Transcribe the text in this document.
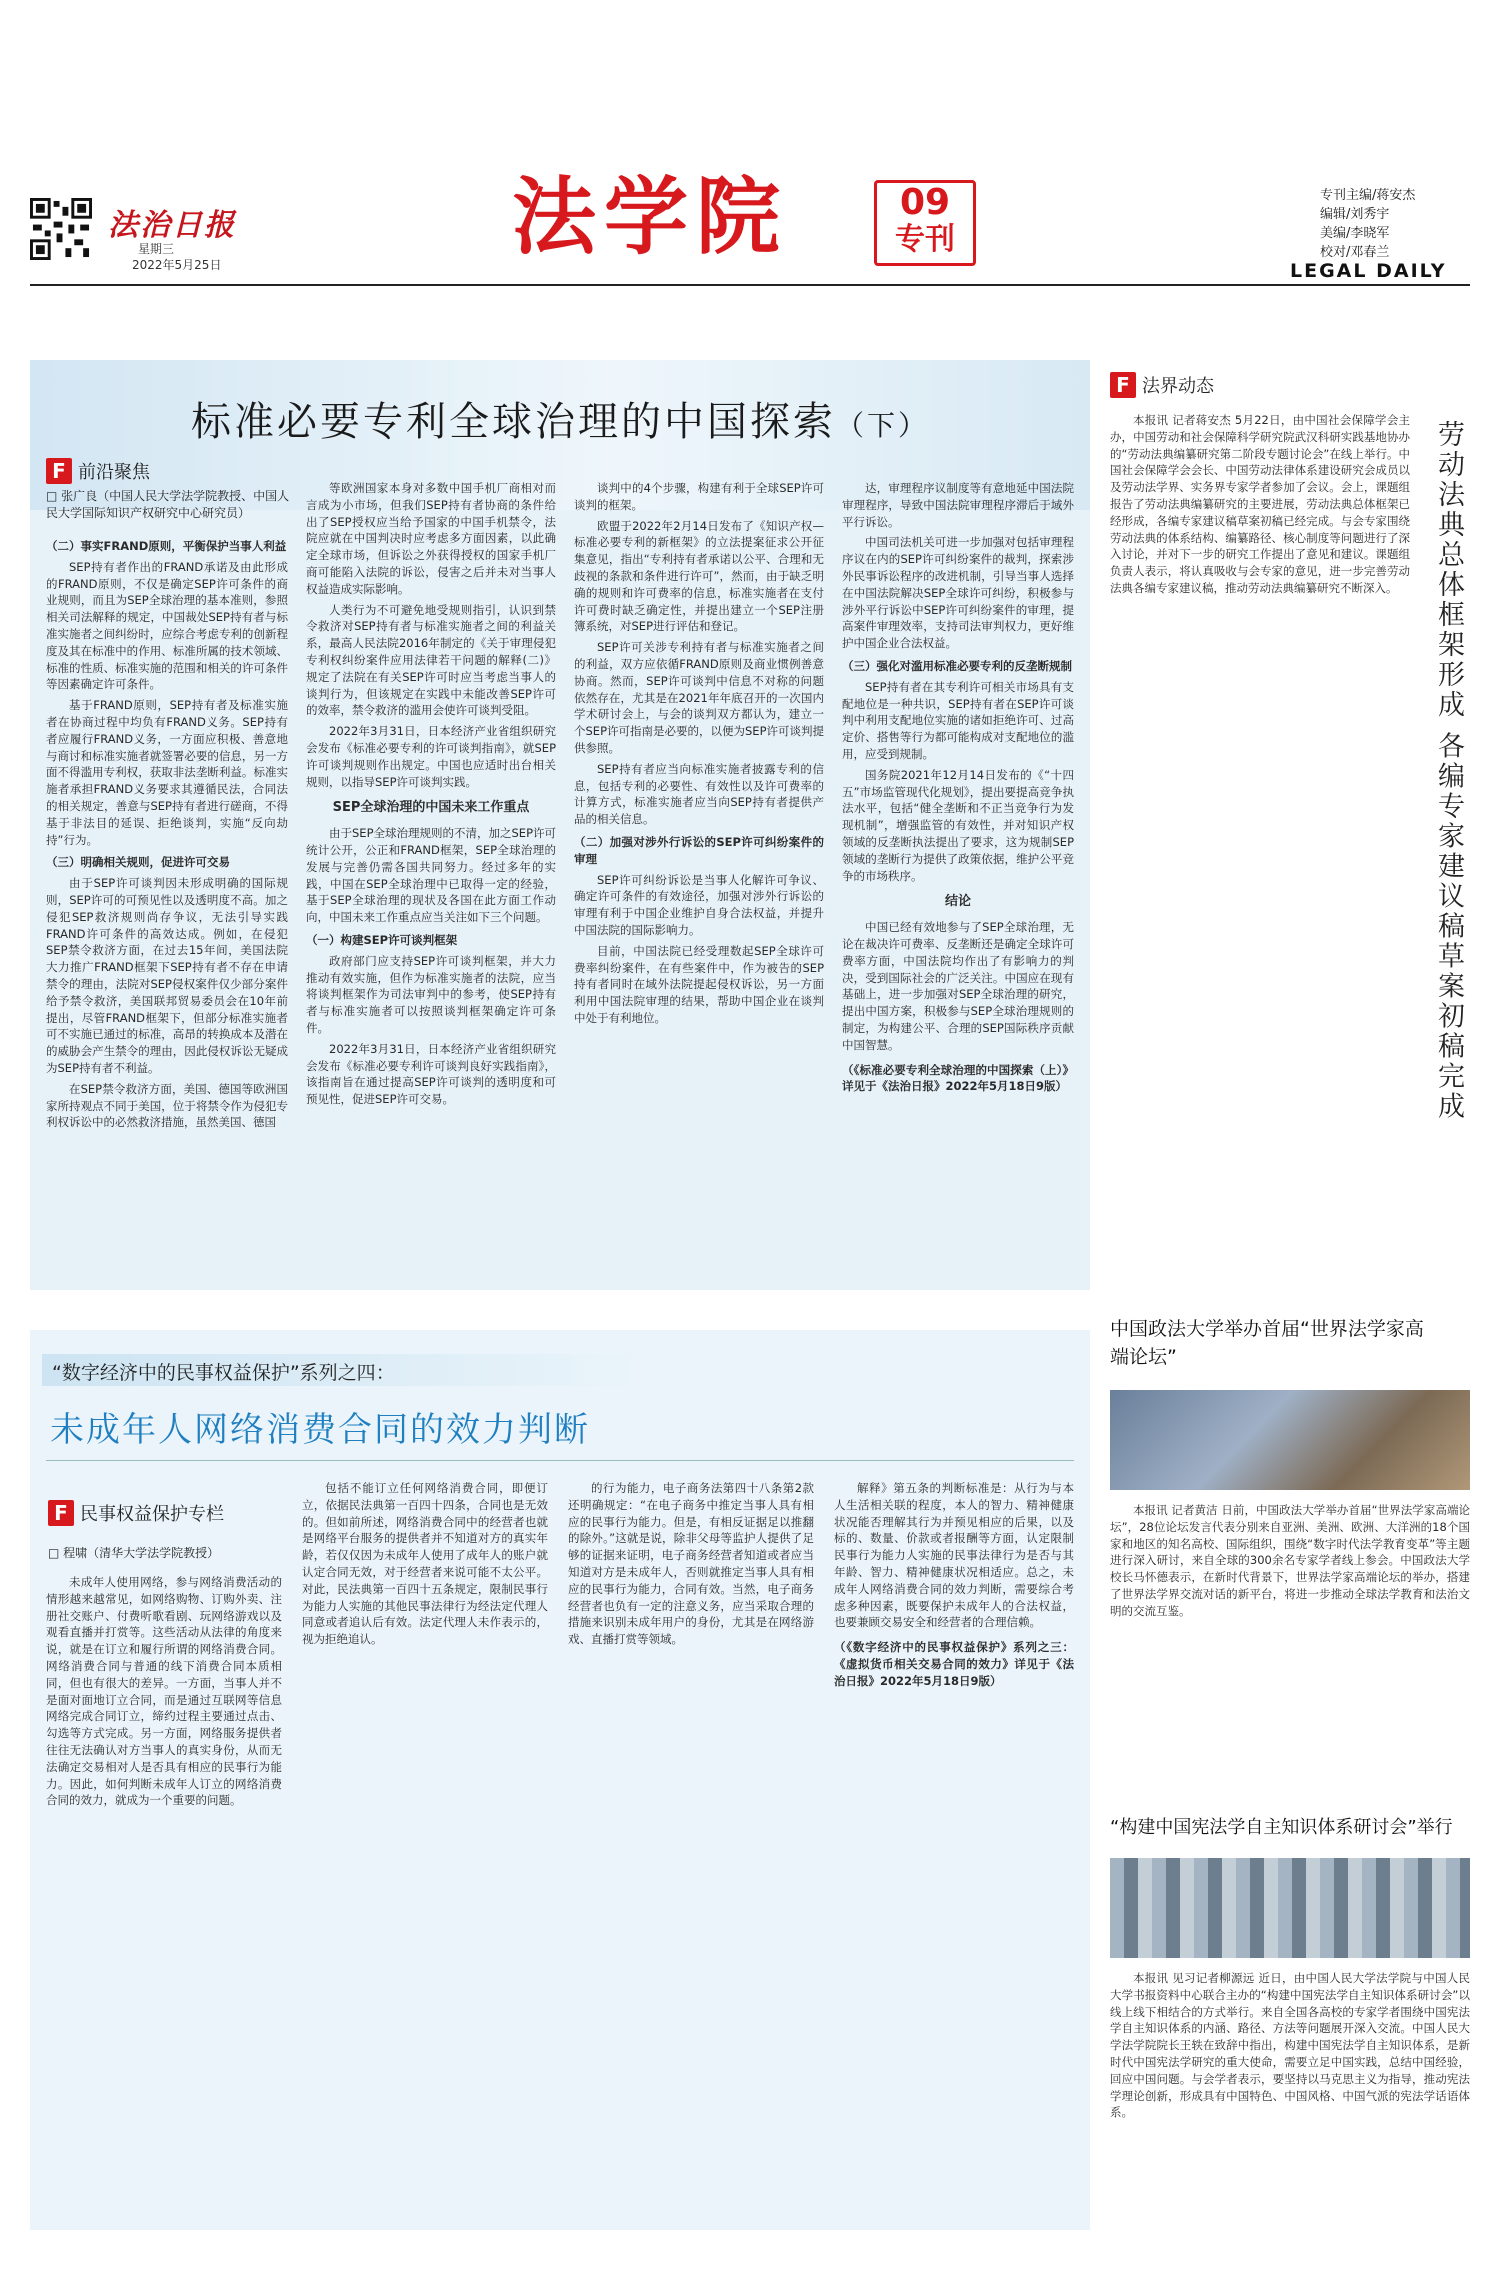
法治日报
星期三
2022年5月25日	法学院	09
专刊
专刊主编/蒋安杰
编辑/刘秀宇
美编/李晓军
校对/邓春兰
LEGAL DAILY
标准必要专利全球治理的中国探索（下）
F 前沿聚焦
□ 张广良（中国人民大学法学院教授、中国人民大学国际知识产权研究中心研究员）

（二）事实FRAND原则，平衡保护当事人利益

SEP持有者作出的FRAND承诺及由此形成的FRAND原则，不仅是确定SEP许可条件的商业规则，而且为SEP全球治理的基本准则，参照相关司法解释的规定，中国裁处SEP持有者与标准实施者之间纠纷时，应综合考虑专利的创新程度及其在标准中的作用、标准所属的技术领域、标准的性质、标准实施的范围和相关的许可条件等因素确定许可条件。

基于FRAND原则，SEP持有者及标准实施者在协商过程中均负有FRAND义务。SEP持有者应履行FRAND义务，一方面应积极、善意地与商讨和标准实施者就签署必要的信息，另一方面不得滥用专利权，获取非法垄断利益。标准实施者承担FRAND义务要求其遵循民法，合同法的相关规定，善意与SEP持有者进行磋商，不得基于非法目的延误、拒绝谈判，实施“反向劫持”行为。

（三）明确相关规则，促进许可交易

由于SEP许可谈判因未形成明确的国际规则，SEP许可的可预见性以及透明度不高。加之侵犯SEP救济规则尚存争议，无法引导实践FRAND许可条件的高效达成。例如，在侵犯SEP禁令救济方面，在过去15年间，美国法院大力推广FRAND框架下SEP持有者不存在申请禁令的理由，法院对SEP侵权案件仅少部分案件给予禁令救济，美国联邦贸易委员会在10年前提出，尽管FRAND框架下，但部分标准实施者可不实施已通过的标准，高昂的转换成本及潜在的威胁会产生禁令的理由，因此侵权诉讼无疑成为SEP持有者不利益。

在SEP禁令救济方面，美国、德国等欧洲国家所持观点不同于美国，位于将禁令作为侵犯专利权诉讼中的必然救济措施，虽然美国、德国

等欧洲国家本身对多数中国手机厂商相对而言成为小市场，但我们SEP持有者协商的条件给出了SEP授权应当给予国家的中国手机禁令，法院应就在中国判决时应考虑多方面因素，以此确定全球市场，但诉讼之外获得授权的国家手机厂商可能陷入法院的诉讼，侵害之后并未对当事人权益造成实际影响。

人类行为不可避免地受规则指引，认识到禁令救济对SEP持有者与标准实施者之间的利益关系，最高人民法院2016年制定的《关于审理侵犯专利权纠纷案件应用法律若干问题的解释(二)》规定了法院在有关SEP许可时应当考虑当事人的谈判行为，但该规定在实践中未能改善SEP许可的效率，禁令救济的滥用会使许可谈判受阻。

2022年3月31日，日本经济产业省组织研究会发布《标准必要专利的许可谈判指南》，就SEP许可谈判规则作出规定。中国也应适时出台相关规则，以指导SEP许可谈判实践。

SEP全球治理的中国未来工作重点

由于SEP全球治理规则的不清，加之SEP许可统计公开，公正和FRAND框架，SEP全球治理的发展与完善仍需各国共同努力。经过多年的实践，中国在SEP全球治理中已取得一定的经验，基于SEP全球治理的现状及各国在此方面工作动向，中国未来工作重点应当关注如下三个问题。

（一）构建SEP许可谈判框架

政府部门应支持SEP许可谈判框架，并大力推动有效实施，但作为标准实施者的法院，应当将谈判框架作为司法审判中的参考，使SEP持有者与标准实施者可以按照谈判框架确定许可条件。

2022年3月31日，日本经济产业省组织研究会发布《标准必要专利许可谈判良好实践指南》，该指南旨在通过提高SEP许可谈判的透明度和可预见性，促进SEP许可交易。

谈判中的4个步骤，构建有利于全球SEP许可谈判的框架。

欧盟于2022年2月14日发布了《知识产权—标准必要专利的新框架》的立法提案征求公开征集意见，指出“专利持有者承诺以公平、合理和无歧视的条款和条件进行许可”，然而，由于缺乏明确的规则和许可费率的信息，标准实施者在支付许可费时缺乏确定性，并提出建立一个SEP注册簿系统，对SEP进行评估和登记。

SEP许可关涉专利持有者与标准实施者之间的利益，双方应依循FRAND原则及商业惯例善意协商。然而，SEP许可谈判中信息不对称的问题依然存在，尤其是在2021年年底召开的一次国内学术研讨会上，与会的谈判双方都认为，建立一个SEP许可指南是必要的，以便为SEP许可谈判提供参照。

SEP持有者应当向标准实施者披露专利的信息，包括专利的必要性、有效性以及许可费率的计算方式，标准实施者应当向SEP持有者提供产品的相关信息。

（二）加强对涉外行诉讼的SEP许可纠纷案件的审理

SEP许可纠纷诉讼是当事人化解许可争议、确定许可条件的有效途径，加强对涉外行诉讼的审理有利于中国企业维护自身合法权益，并提升中国法院的国际影响力。

目前，中国法院已经受理数起SEP全球许可费率纠纷案件，在有些案件中，作为被告的SEP持有者同时在域外法院提起侵权诉讼，另一方面利用中国法院审理的结果，帮助中国企业在谈判中处于有利地位。

达，审理程序议制度等有意地延中国法院审理程序，导致中国法院审理程序滞后于域外平行诉讼。

中国司法机关可进一步加强对包括审理程序议在内的SEP许可纠纷案件的裁判，探索涉外民事诉讼程序的改进机制，引导当事人选择在中国法院解决SEP全球许可纠纷，积极参与涉外平行诉讼中SEP许可纠纷案件的审理，提高案件审理效率，支持司法审判权力，更好维护中国企业合法权益。

（三）强化对滥用标准必要专利的反垄断规制

SEP持有者在其专利许可相关市场具有支配地位是一种共识，SEP持有者在SEP许可谈判中利用支配地位实施的诸如拒绝许可、过高定价、搭售等行为都可能构成对支配地位的滥用，应受到规制。

国务院2021年12月14日发布的《“十四五”市场监管现代化规划》，提出要提高竞争执法水平，包括“健全垄断和不正当竞争行为发现机制”，增强监管的有效性，并对知识产权领域的反垄断执法提出了要求，这为规制SEP领域的垄断行为提供了政策依据，维护公平竞争的市场秩序。

结论

中国已经有效地参与了SEP全球治理，无论在裁决许可费率、反垄断还是确定全球许可费率方面，中国法院均作出了有影响力的判决，受到国际社会的广泛关注。中国应在现有基础上，进一步加强对SEP全球治理的研究，提出中国方案，积极参与SEP全球治理规则的制定，为构建公平、合理的SEP国际秩序贡献中国智慧。

（《标准必要专利全球治理的中国探索（上）》详见于《法治日报》2022年5月18日9版）

F 法界动态
劳动法典总体框架形成 各编专家建议稿草案初稿完成

本报讯 记者蒋安杰 5月22日，由中国社会保障学会主办，中国劳动和社会保障科学研究院武汉科研实践基地协办的“劳动法典编纂研究第二阶段专题讨论会”在线上举行。中国社会保障学会会长、中国劳动法律体系建设研究会成员以及劳动法学界、实务界专家学者参加了会议。会上，课题组报告了劳动法典编纂研究的主要进展，劳动法典总体框架已经形成，各编专家建议稿草案初稿已经完成。与会专家围绕劳动法典的体系结构、编纂路径、核心制度等问题进行了深入讨论，并对下一步的研究工作提出了意见和建议。课题组负责人表示，将认真吸收与会专家的意见，进一步完善劳动法典各编专家建议稿，推动劳动法典编纂研究不断深入。

中国政法大学举办首届“世界法学家高端论坛”

本报讯 记者黄洁 日前，中国政法大学举办首届“世界法学家高端论坛”，28位论坛发言代表分别来自亚洲、美洲、欧洲、大洋洲的18个国家和地区的知名高校、国际组织，围绕“数字时代法学教育变革”等主题进行深入研讨，来自全球的300余名专家学者线上参会。中国政法大学校长马怀德表示，在新时代背景下，世界法学家高端论坛的举办，搭建了世界法学界交流对话的新平台，将进一步推动全球法学教育和法治文明的交流互鉴。

“构建中国宪法学自主知识体系研讨会”举行

本报讯 见习记者柳源远 近日，由中国人民大学法学院与中国人民大学书报资料中心联合主办的“构建中国宪法学自主知识体系研讨会”以线上线下相结合的方式举行。来自全国各高校的专家学者围绕中国宪法学自主知识体系的内涵、路径、方法等问题展开深入交流。中国人民大学法学院院长王轶在致辞中指出，构建中国宪法学自主知识体系，是新时代中国宪法学研究的重大使命，需要立足中国实践，总结中国经验，回应中国问题。与会学者表示，要坚持以马克思主义为指导，推动宪法学理论创新，形成具有中国特色、中国风格、中国气派的宪法学话语体系。

“数字经济中的民事权益保护”系列之四：
未成年人网络消费合同的效力判断
F 民事权益保护专栏
□ 程啸（清华大学法学院教授）

未成年人使用网络，参与网络消费活动的情形越来越常见，如网络购物、订购外卖、注册社交账户、付费听歌看剧、玩网络游戏以及观看直播并打赏等。这些活动从法律的角度来说，就是在订立和履行所谓的网络消费合同。网络消费合同与普通的线下消费合同本质相同，但也有很大的差异。一方面，当事人并不是面对面地订立合同，而是通过互联网等信息网络完成合同订立，缔约过程主要通过点击、勾选等方式完成。另一方面，网络服务提供者往往无法确认对方当事人的真实身份，从而无法确定交易相对人是否具有相应的民事行为能力。因此，如何判断未成年人订立的网络消费合同的效力，就成为一个重要的问题。

包括不能订立任何网络消费合同，即便订立，依据民法典第一百四十四条，合同也是无效的。但如前所述，网络消费合同中的经营者也就是网络平台服务的提供者并不知道对方的真实年龄，若仅仅因为未成年人使用了成年人的账户就认定合同无效，对于经营者来说可能不太公平。对此，民法典第一百四十五条规定，限制民事行为能力人实施的其他民事法律行为经法定代理人同意或者追认后有效。法定代理人未作表示的，视为拒绝追认。

的行为能力，电子商务法第四十八条第2款还明确规定：“在电子商务中推定当事人具有相应的民事行为能力。但是，有相反证据足以推翻的除外。”这就是说，除非父母等监护人提供了足够的证据来证明，电子商务经营者知道或者应当知道对方是未成年人，否则就推定当事人具有相应的民事行为能力，合同有效。当然，电子商务经营者也负有一定的注意义务，应当采取合理的措施来识别未成年用户的身份，尤其是在网络游戏、直播打赏等领域。

解释》第五条的判断标准是：从行为与本人生活相关联的程度，本人的智力、精神健康状况能否理解其行为并预见相应的后果，以及标的、数量、价款或者报酬等方面，认定限制民事行为能力人实施的民事法律行为是否与其年龄、智力、精神健康状况相适应。总之，未成年人网络消费合同的效力判断，需要综合考虑多种因素，既要保护未成年人的合法权益，也要兼顾交易安全和经营者的合理信赖。

（《数字经济中的民事权益保护》系列之三：《虚拟货币相关交易合同的效力》详见于《法治日报》2022年5月18日9版）
